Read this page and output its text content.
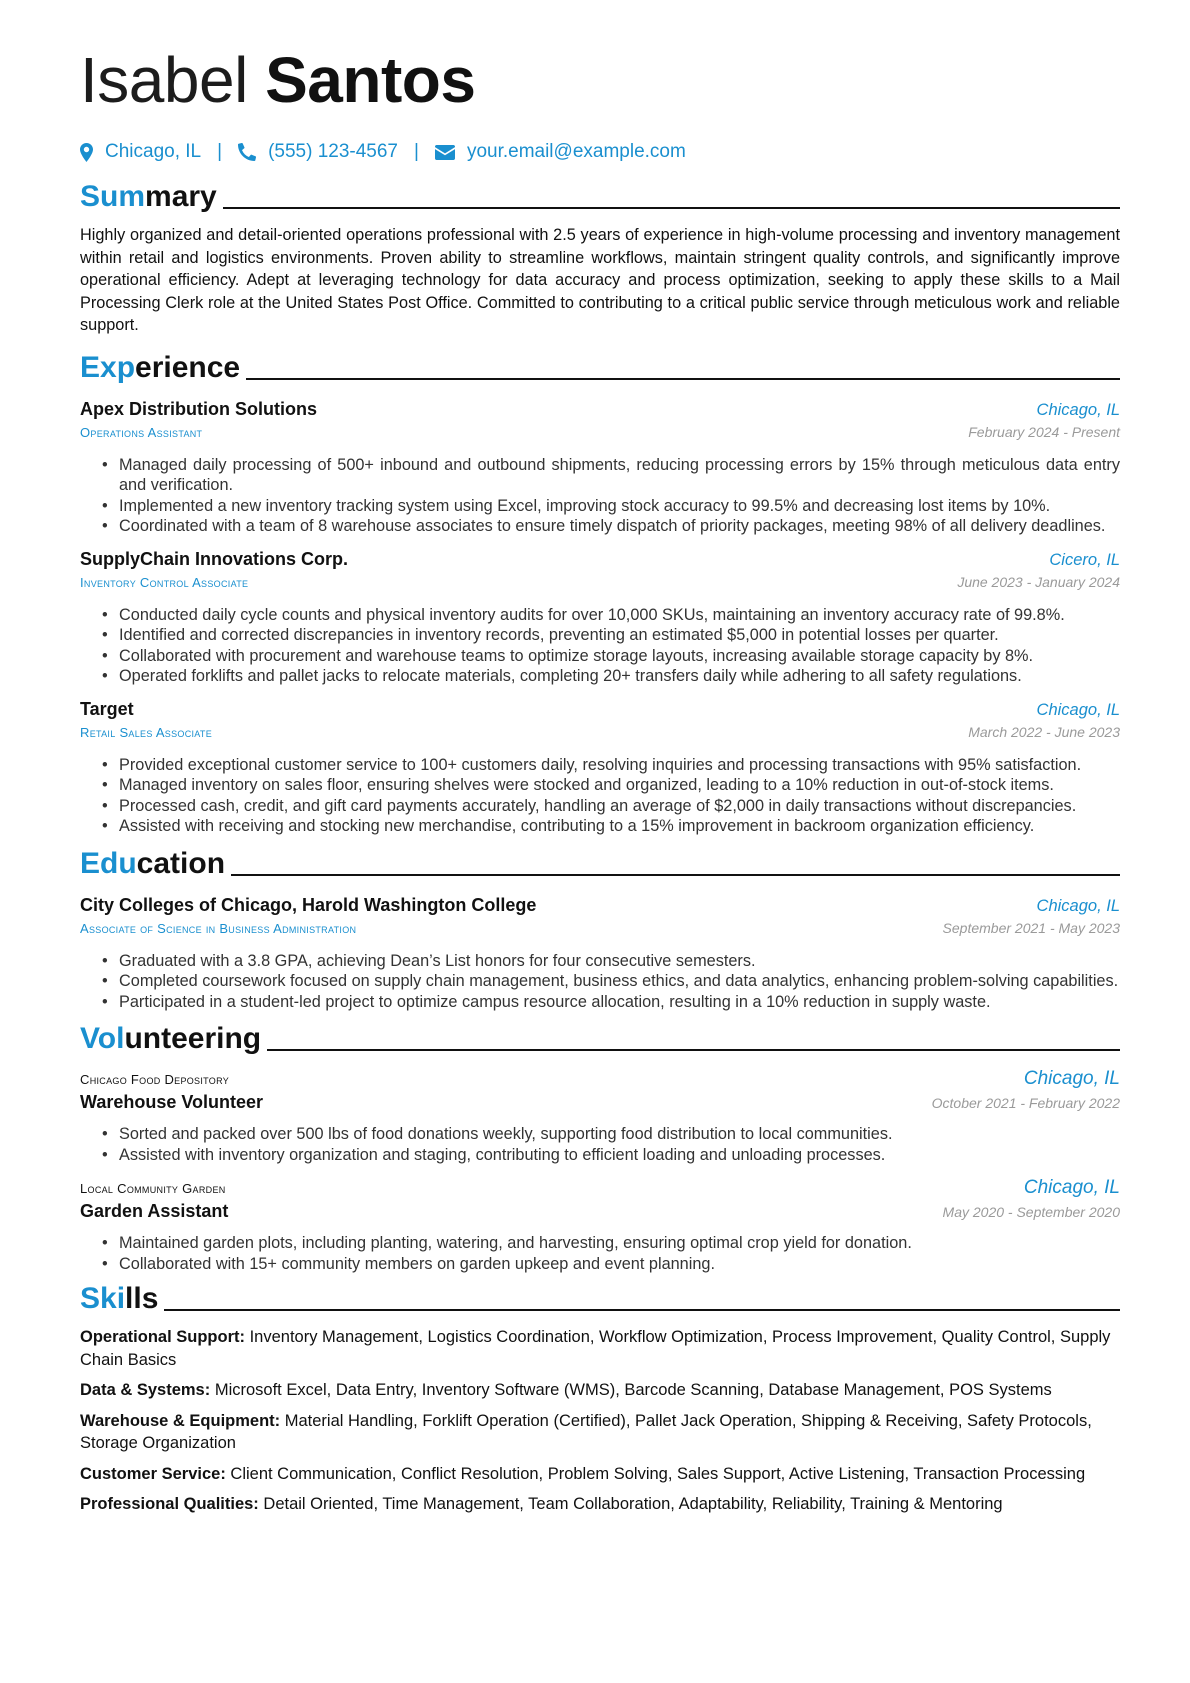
Isabel Santos
Chicago, IL | (555) 123-4567 |	your.email@example.com
Summary
Highly organized and detail-oriented operations professional with 2.5 years of experience in high-volume processing and inventory management within retail and logistics environments. Proven ability to streamline workflows, maintain stringent quality controls, and significantly improve operational efficiency. Adept at leveraging technology for data accuracy and process optimization, seeking to apply these skills to a Mail Processing Clerk role at the United States Post Office. Committed to contributing to a critical public service through meticulous work and reliable support.
Experience
Apex Distribution Solutions	Chicago, IL
Operations Assistant	February 2024 - Present
• Managed daily processing of 500+ inbound and outbound shipments, reducing processing errors by 15% through meticulous data entry and verification.
• Implemented a new inventory tracking system using Excel, improving stock accuracy to 99.5% and decreasing lost items by 10%.
• Coordinated with a team of 8 warehouse associates to ensure timely dispatch of priority packages, meeting 98% of all delivery deadlines.
SupplyChain Innovations Corp.	Cicero, IL
Inventory Control Associate	June 2023 - January 2024
• Conducted daily cycle counts and physical inventory audits for over 10,000 SKUs, maintaining an inventory accuracy rate of 99.8%.
• Identified and corrected discrepancies in inventory records, preventing an estimated $5,000 in potential losses per quarter.
• Collaborated with procurement and warehouse teams to optimize storage layouts, increasing available storage capacity by 8%.
• Operated forklifts and pallet jacks to relocate materials, completing 20+ transfers daily while adhering to all safety regulations.
Target	Chicago, IL
Retail Sales Associate	March 2022 - June 2023
• Provided exceptional customer service to 100+ customers daily, resolving inquiries and processing transactions with 95% satisfaction.
• Managed inventory on sales floor, ensuring shelves were stocked and organized, leading to a 10% reduction in out-of-stock items.
• Processed cash, credit, and gift card payments accurately, handling an average of $2,000 in daily transactions without discrepancies.
• Assisted with receiving and stocking new merchandise, contributing to a 15% improvement in backroom organization efficiency.
Education
City Colleges of Chicago, Harold Washington College	Chicago, IL
Associate of Science in Business Administration	September 2021 - May 2023
• Graduated with a 3.8 GPA, achieving Dean’s List honors for four consecutive semesters.
• Completed coursework focused on supply chain management, business ethics, and data analytics, enhancing problem-solving capabilities.
• Participated in a student-led project to optimize campus resource allocation, resulting in a 10% reduction in supply waste.
Volunteering
Chicago Food Depository	Chicago, IL
Warehouse Volunteer	October 2021 - February 2022
• Sorted and packed over 500 lbs of food donations weekly, supporting food distribution to local communities.
• Assisted with inventory organization and staging, contributing to efficient loading and unloading processes.
Local Community Garden	Chicago, IL
Garden Assistant	May 2020 - September 2020
• Maintained garden plots, including planting, watering, and harvesting, ensuring optimal crop yield for donation.
• Collaborated with 15+ community members on garden upkeep and event planning.
Skills
Operational Support: Inventory Management, Logistics Coordination, Workflow Optimization, Process Improvement, Quality Control, Supply Chain Basics
Data & Systems: Microsoft Excel, Data Entry, Inventory Software (WMS), Barcode Scanning, Database Management, POS Systems
Warehouse & Equipment: Material Handling, Forklift Operation (Certified), Pallet Jack Operation, Shipping & Receiving, Safety Protocols, Storage Organization
Customer Service: Client Communication, Conflict Resolution, Problem Solving, Sales Support, Active Listening, Transaction Processing
Professional Qualities: Detail Oriented, Time Management, Team Collaboration, Adaptability, Reliability, Training & Mentoring
